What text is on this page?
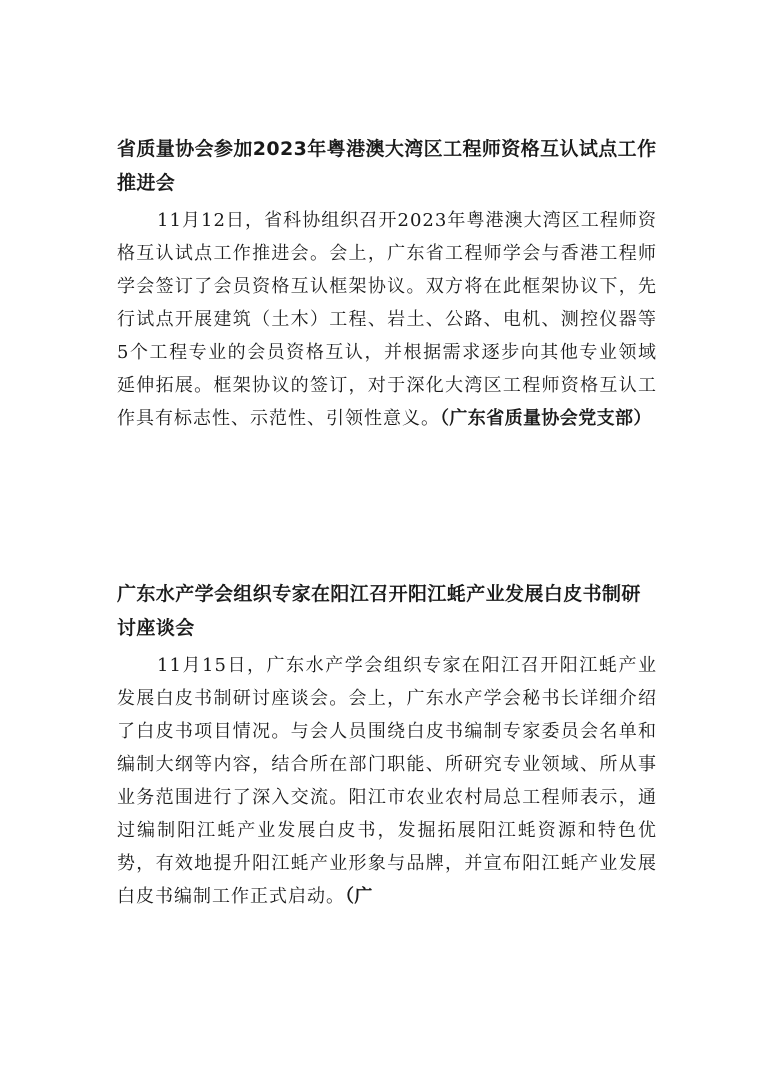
省质量协会参加2023年粤港澳大湾区工程师资格互认试点工作推进会

11月12日，省科协组织召开2023年粤港澳大湾区工程师资格互认试点工作推进会。会上，广东省工程师学会与香港工程师学会签订了会员资格互认框架协议。双方将在此框架协议下，先行试点开展建筑（土木）工程、岩土、公路、电机、测控仪器等5个工程专业的会员资格互认，并根据需求逐步向其他专业领域延伸拓展。框架协议的签订，对于深化大湾区工程师资格互认工作具有标志性、示范性、引领性意义。（广东省质量协会党支部）

广东水产学会组织专家在阳江召开阳江蚝产业发展白皮书制研讨座谈会

11月15日，广东水产学会组织专家在阳江召开阳江蚝产业发展白皮书制研讨座谈会。会上，广东水产学会秘书长详细介绍了白皮书项目情况。与会人员围绕白皮书编制专家委员会名单和编制大纲等内容，结合所在部门职能、所研究专业领域、所从事业务范围进行了深入交流。阳江市农业农村局总工程师表示，通过编制阳江蚝产业发展白皮书，发掘拓展阳江蚝资源和特色优势，有效地提升阳江蚝产业形象与品牌，并宣布阳江蚝产业发展白皮书编制工作正式启动。（广
